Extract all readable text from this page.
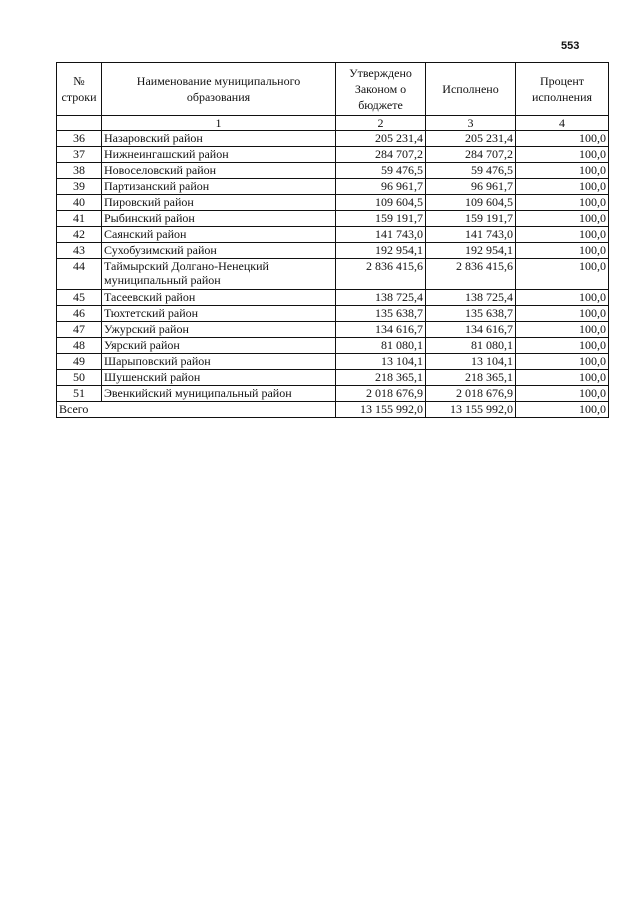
553
№ строки	Наименование муниципального образования	Утверждено Законом о бюджете	Исполнено	Процент исполнения
	1	2	3	4
36	Назаровский район	205 231,4	205 231,4	100,0
37	Нижнеингашский район	284 707,2	284 707,2	100,0
38	Новоселовский район	59 476,5	59 476,5	100,0
39	Партизанский район	96 961,7	96 961,7	100,0
40	Пировский район	109 604,5	109 604,5	100,0
41	Рыбинский район	159 191,7	159 191,7	100,0
42	Саянский район	141 743,0	141 743,0	100,0
43	Сухобузимский район	192 954,1	192 954,1	100,0
44	Таймырский Долгано-Ненецкий муниципальный район	2 836 415,6	2 836 415,6	100,0
45	Тасеевский район	138 725,4	138 725,4	100,0
46	Тюхтетский район	135 638,7	135 638,7	100,0
47	Ужурский район	134 616,7	134 616,7	100,0
48	Уярский район	81 080,1	81 080,1	100,0
49	Шарыповский район	13 104,1	13 104,1	100,0
50	Шушенский район	218 365,1	218 365,1	100,0
51	Эвенкийский муниципальный район	2 018 676,9	2 018 676,9	100,0
Всего		13 155 992,0	13 155 992,0	100,0
